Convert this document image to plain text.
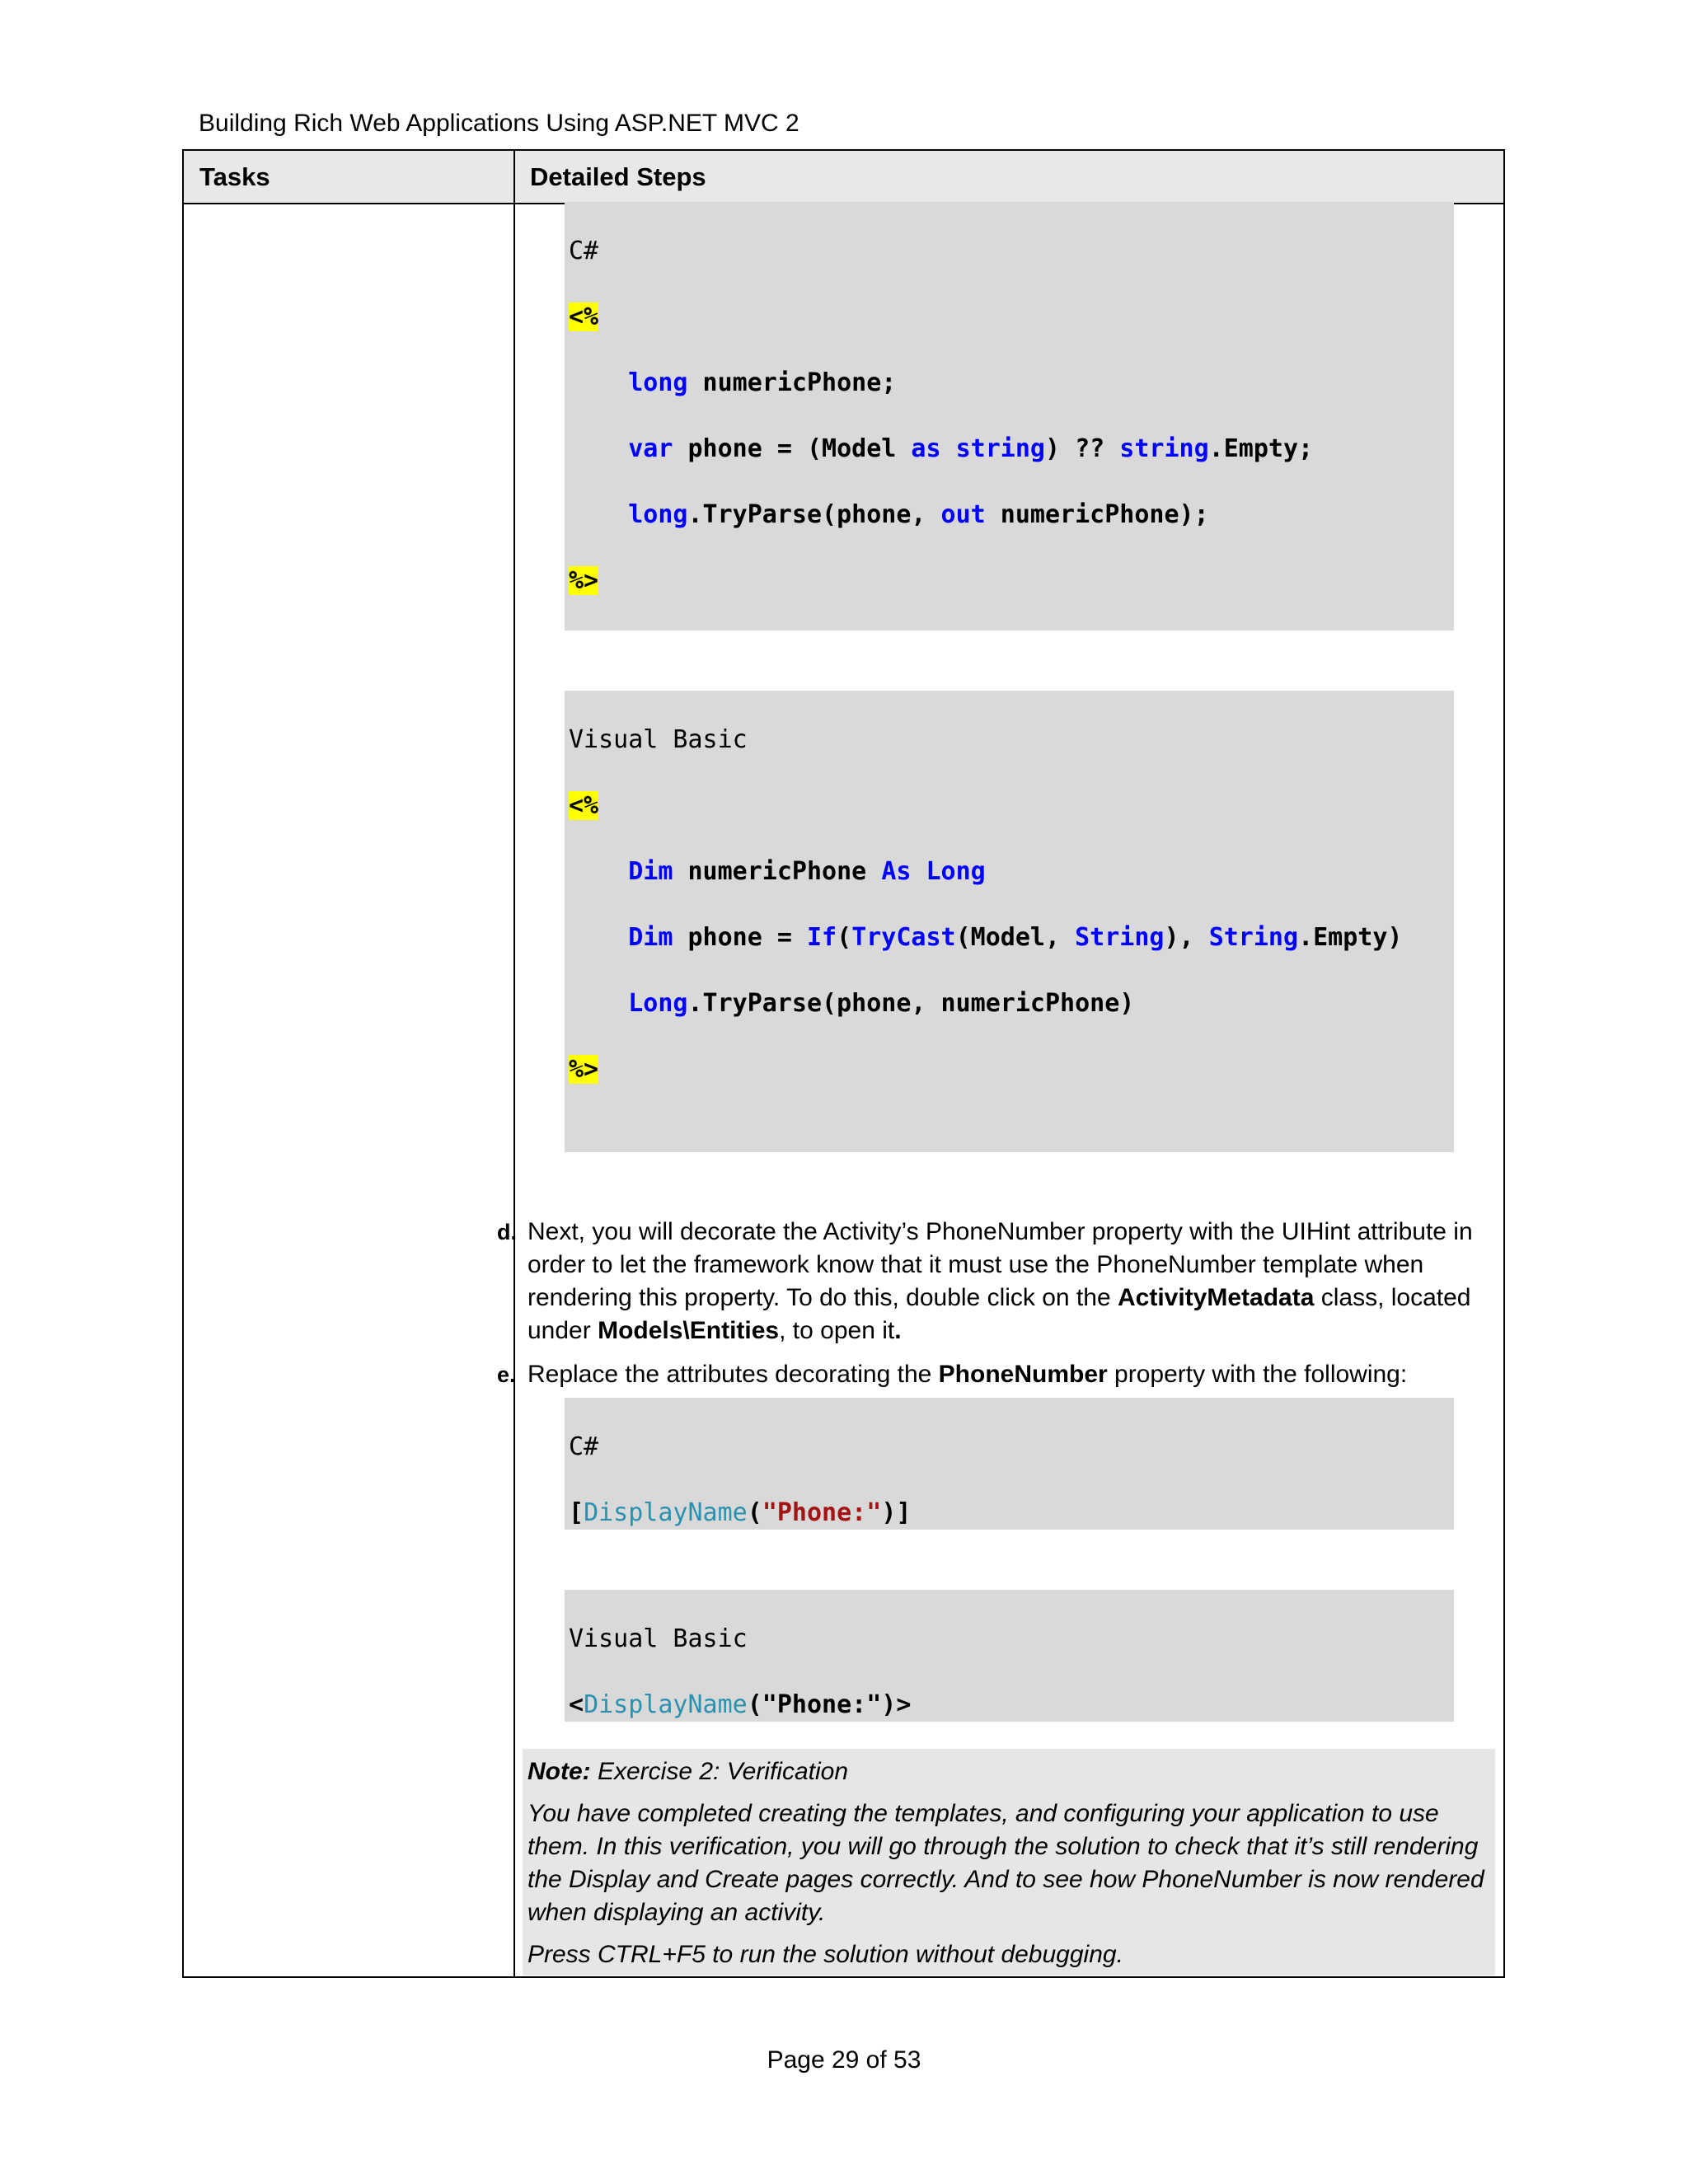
Building Rich Web Applications Using ASP.NET MVC 2
Tasks	Detailed Steps

C#

<%

long numericPhone;

var phone = (Model as string) ?? string.Empty;

long.TryParse(phone, out numericPhone);

%>

Visual Basic

<%

Dim numericPhone As Long

Dim phone = If(TryCast(Model, String), String.Empty)

Long.TryParse(phone, numericPhone)

%>

d. Next, you will decorate the Activity’s PhoneNumber property with the UIHint attribute in order to let the framework know that it must use the PhoneNumber template when rendering this property. To do this, double click on the ActivityMetadata class, located under Models\Entities, to open it.
e. Replace the attributes decorating the PhoneNumber property with the following:

C#

[DisplayName("Phone:")]

Visual Basic

<DisplayName("Phone:")>

Note: Exercise 2: Verification

You have completed creating the templates, and configuring your application to use them. In this verification, you will go through the solution to check that it’s still rendering the Display and Create pages correctly. And to see how PhoneNumber is now rendered when displaying an activity.

Press CTRL+F5 to run the solution without debugging.

Page 29 of 53
